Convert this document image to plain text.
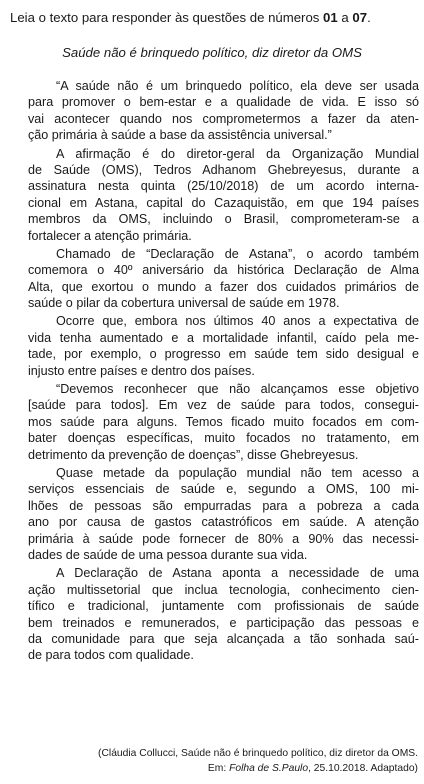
Leia o texto para responder às questões de números 01 a 07.
Saúde não é brinquedo político, diz diretor da OMS
“A saúde não é um brinquedo político, ela deve ser usada
para promover o bem-estar e a qualidade de vida. E isso só
vai acontecer quando nos comprometermos a fazer da aten-
ção primária à saúde a base da assistência universal.”
A afirmação é do diretor-geral da Organização Mundial
de Saúde (OMS), Tedros Adhanom Ghebreyesus, durante a
assinatura nesta quinta (25/10/2018) de um acordo interna-
cional em Astana, capital do Cazaquistão, em que 194 países
membros da OMS, incluindo o Brasil, comprometeram-se a
fortalecer a atenção primária.
Chamado de “Declaração de Astana”, o acordo também
comemora o 40º aniversário da histórica Declaração de Alma
Alta, que exortou o mundo a fazer dos cuidados primários de
saúde o pilar da cobertura universal de saúde em 1978.
Ocorre que, embora nos últimos 40 anos a expectativa de
vida tenha aumentado e a mortalidade infantil, caído pela me-
tade, por exemplo, o progresso em saúde tem sido desigual e
injusto entre países e dentro dos países.
“Devemos reconhecer que não alcançamos esse objetivo
[saúde para todos]. Em vez de saúde para todos, consegui-
mos saúde para alguns. Temos ficado muito focados em com-
bater doenças específicas, muito focados no tratamento, em
detrimento da prevenção de doenças”, disse Ghebreyesus.
Quase metade da população mundial não tem acesso a
serviços essenciais de saúde e, segundo a OMS, 100 mi-
lhões de pessoas são empurradas para a pobreza a cada
ano por causa de gastos catastróficos em saúde. A atenção
primária à saúde pode fornecer de 80% a 90% das necessi-
dades de saúde de uma pessoa durante sua vida.
A Declaração de Astana aponta a necessidade de uma
ação multissetorial que inclua tecnologia, conhecimento cien-
tífico e tradicional, juntamente com profissionais de saúde
bem treinados e remunerados, e participação das pessoas e
da comunidade para que seja alcançada a tão sonhada saú-
de para todos com qualidade.
(Cláudia Collucci, Saúde não é brinquedo político, diz diretor da OMS.
Em: Folha de S.Paulo, 25.10.2018. Adaptado)
